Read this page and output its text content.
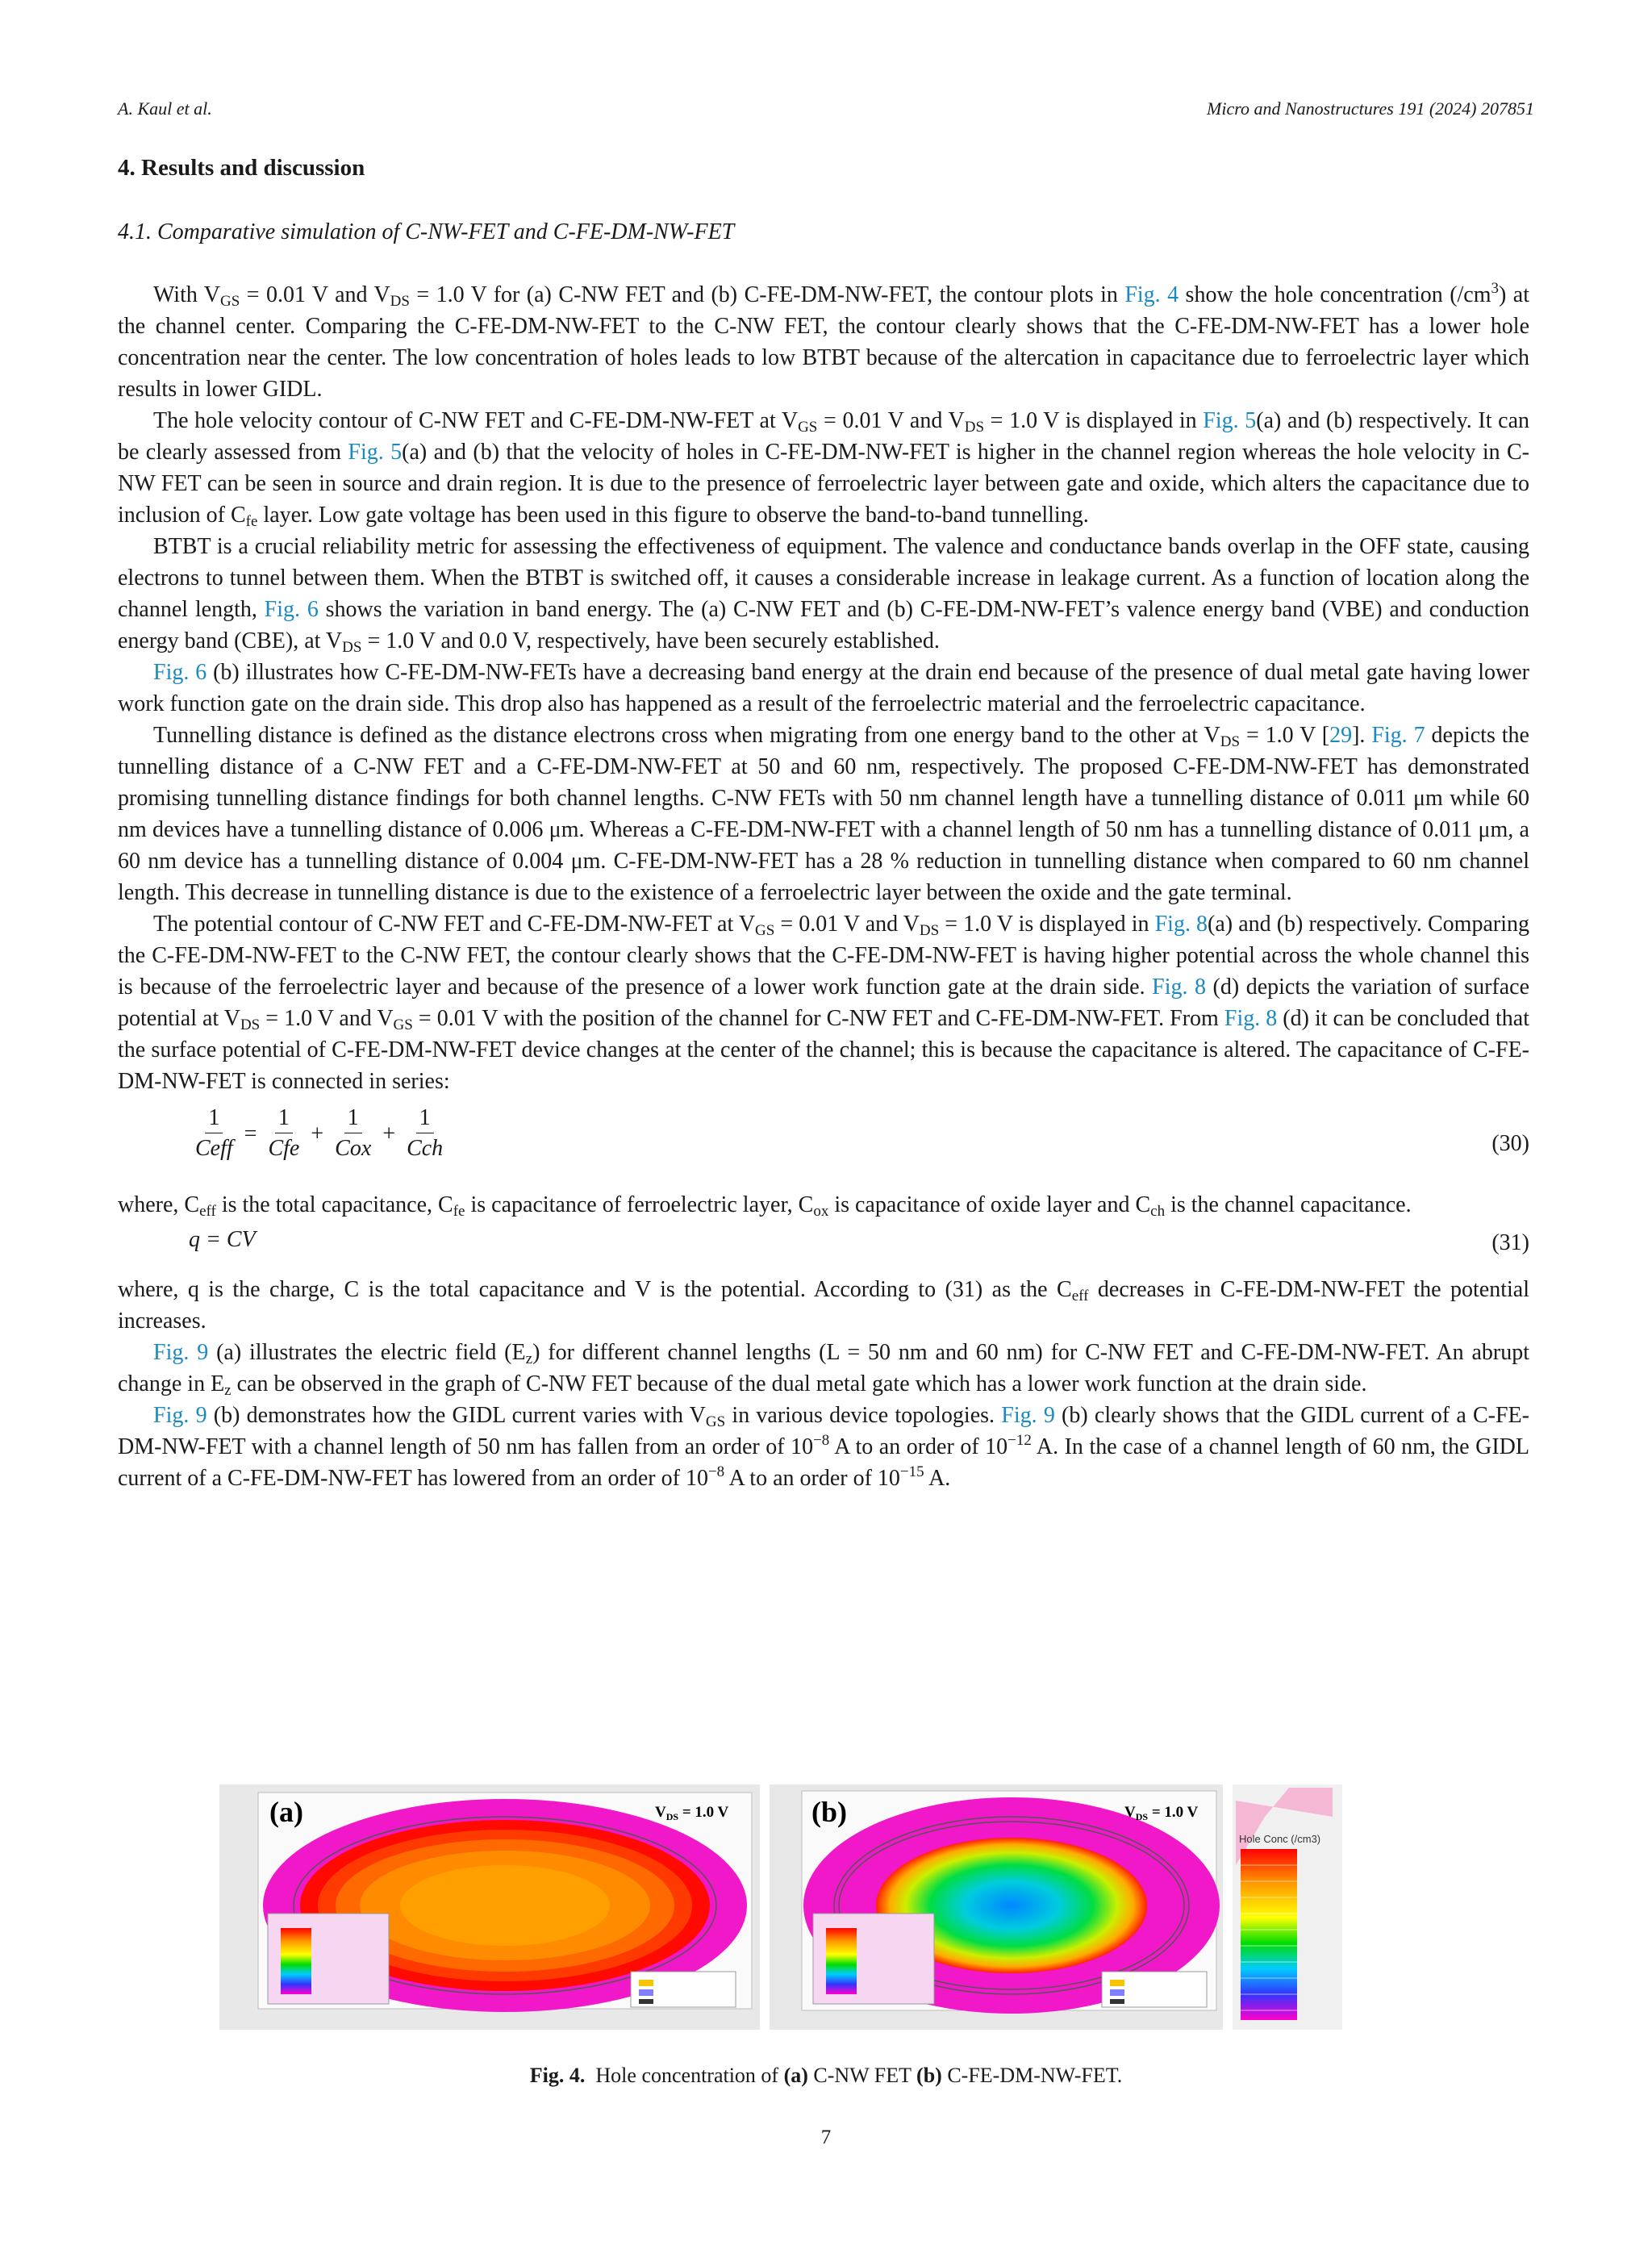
A. Kaul et al.	Micro and Nanostructures 191 (2024) 207851
4. Results and discussion
4.1. Comparative simulation of C-NW-FET and C-FE-DM-NW-FET

With $V_{GS} = 0.01$ V and $V_{DS} = 1.0$ V for (a) C-NW FET and (b) C-FE-DM-NW-FET, the contour plots in Fig. 4 show the hole concentration $(/cm^3)$ at the channel center. Comparing the C-FE-DM-NW-FET to the C-NW FET, the contour clearly shows that the C-FE-DM-NW-FET has a lower hole concentration near the center. The low concentration of holes leads to low BTBT because of the altercation in capacitance due to ferroelectric layer which results in lower GIDL.

The hole velocity contour of C-NW FET and C-FE-DM-NW-FET at $V_{GS} = 0.01$ V and $V_{DS} = 1.0$ V is displayed in Fig. 5(a) and (b) respectively. It can be clearly assessed from Fig. 5(a) and (b) that the velocity of holes in C-FE-DM-NW-FET is higher in the channel region whereas the hole velocity in C-NW FET can be seen in source and drain region. It is due to the presence of ferroelectric layer between gate and oxide, which alters the capacitance due to inclusion of $C_{fe}$ layer. Low gate voltage has been used in this figure to observe the band-to-band tunnelling.

BTBT is a crucial reliability metric for assessing the effectiveness of equipment. The valence and conductance bands overlap in the OFF state, causing electrons to tunnel between them. When the BTBT is switched off, it causes a considerable increase in leakage current. As a function of location along the channel length, Fig. 6 shows the variation in band energy. The (a) C-NW FET and (b) C-FE-DM-NW-FET’s valence energy band (VBE) and conduction energy band (CBE), at $V_{DS} = 1.0$ V and 0.0 V, respectively, have been securely established.

Fig. 6 (b) illustrates how C-FE-DM-NW-FETs have a decreasing band energy at the drain end because of the presence of dual metal gate having lower work function gate on the drain side. This drop also has happened as a result of the ferroelectric material and the ferroelectric capacitance.

Tunnelling distance is defined as the distance electrons cross when migrating from one energy band to the other at $V_{DS} = 1.0$ V [29]. Fig. 7 depicts the tunnelling distance of a C-NW FET and a C-FE-DM-NW-FET at 50 and 60 nm, respectively. The proposed C-FE-DM-NW-FET has demonstrated promising tunnelling distance findings for both channel lengths. C-NW FETs with 50 nm channel length have a tunnelling distance of 0.011 μm while 60 nm devices have a tunnelling distance of 0.006 μm. Whereas a C-FE-DM-NW-FET with a channel length of 50 nm has a tunnelling distance of 0.011 μm, a 60 nm device has a tunnelling distance of 0.004 μm. C-FE-DM-NW-FET has a 28 % reduction in tunnelling distance when compared to 60 nm channel length. This decrease in tunnelling distance is due to the existence of a ferroelectric layer between the oxide and the gate terminal.

The potential contour of C-NW FET and C-FE-DM-NW-FET at $V_{GS} = 0.01$ V and $V_{DS} = 1.0$ V is displayed in Fig. 8(a) and (b) respectively. Comparing the C-FE-DM-NW-FET to the C-NW FET, the contour clearly shows that the C-FE-DM-NW-FET is having higher potential across the whole channel this is because of the ferroelectric layer and because of the presence of a lower work function gate at the drain side. Fig. 8 (d) depicts the variation of surface potential at $V_{DS} = 1.0$ V and $V_{GS} = 0.01$ V with the position of the channel for C-NW FET and C-FE-DM-NW-FET. From Fig. 8 (d) it can be concluded that the surface potential of C-FE-DM-NW-FET device changes at the center of the channel; this is because the capacitance is altered. The capacitance of C-FE-DM-NW-FET is connected in series:

$\frac{1}{\text{Ceff}} = \frac{1}{\text{Cfe}} + \frac{1}{\text{Cox}} + \frac{1}{\text{Cch}}$	(30)

where, $C_{eff}$ is the total capacitance, $C_{fe}$ is capacitance of ferroelectric layer, $C_{ox}$ is capacitance of oxide layer and $C_{ch}$ is the channel capacitance.

q = CV	(31)

where, q is the charge, C is the total capacitance and V is the potential. According to (31) as the $C_{eff}$ decreases in C-FE-DM-NW-FET the potential increases.

Fig. 9 (a) illustrates the electric field $(E_z)$ for different channel lengths (L = 50 nm and 60 nm) for C-NW FET and C-FE-DM-NW-FET. An abrupt change in $E_z$ can be observed in the graph of C-NW FET because of the dual metal gate which has a lower work function at the drain side.

Fig. 9 (b) demonstrates how the GIDL current varies with $V_{GS}$ in various device topologies. Fig. 9 (b) clearly shows that the GIDL current of a C-FE-DM-NW-FET with a channel length of 50 nm has fallen from an order of $10^{-8}$ A to an order of $10^{-12}$ A. In the case of a channel length of 60 nm, the GIDL current of a C-FE-DM-NW-FET has lowered from an order of $10^{-8}$ A to an order of $10^{-15}$ A.

(a)	$V_{DS} = 1.0$ V	(b)	$V_{DS} = 1.0$ V
Hole Conc (/cm3)
Fig. 4. Hole concentration of (a) C-NW FET (b) C-FE-DM-NW-FET.
7
